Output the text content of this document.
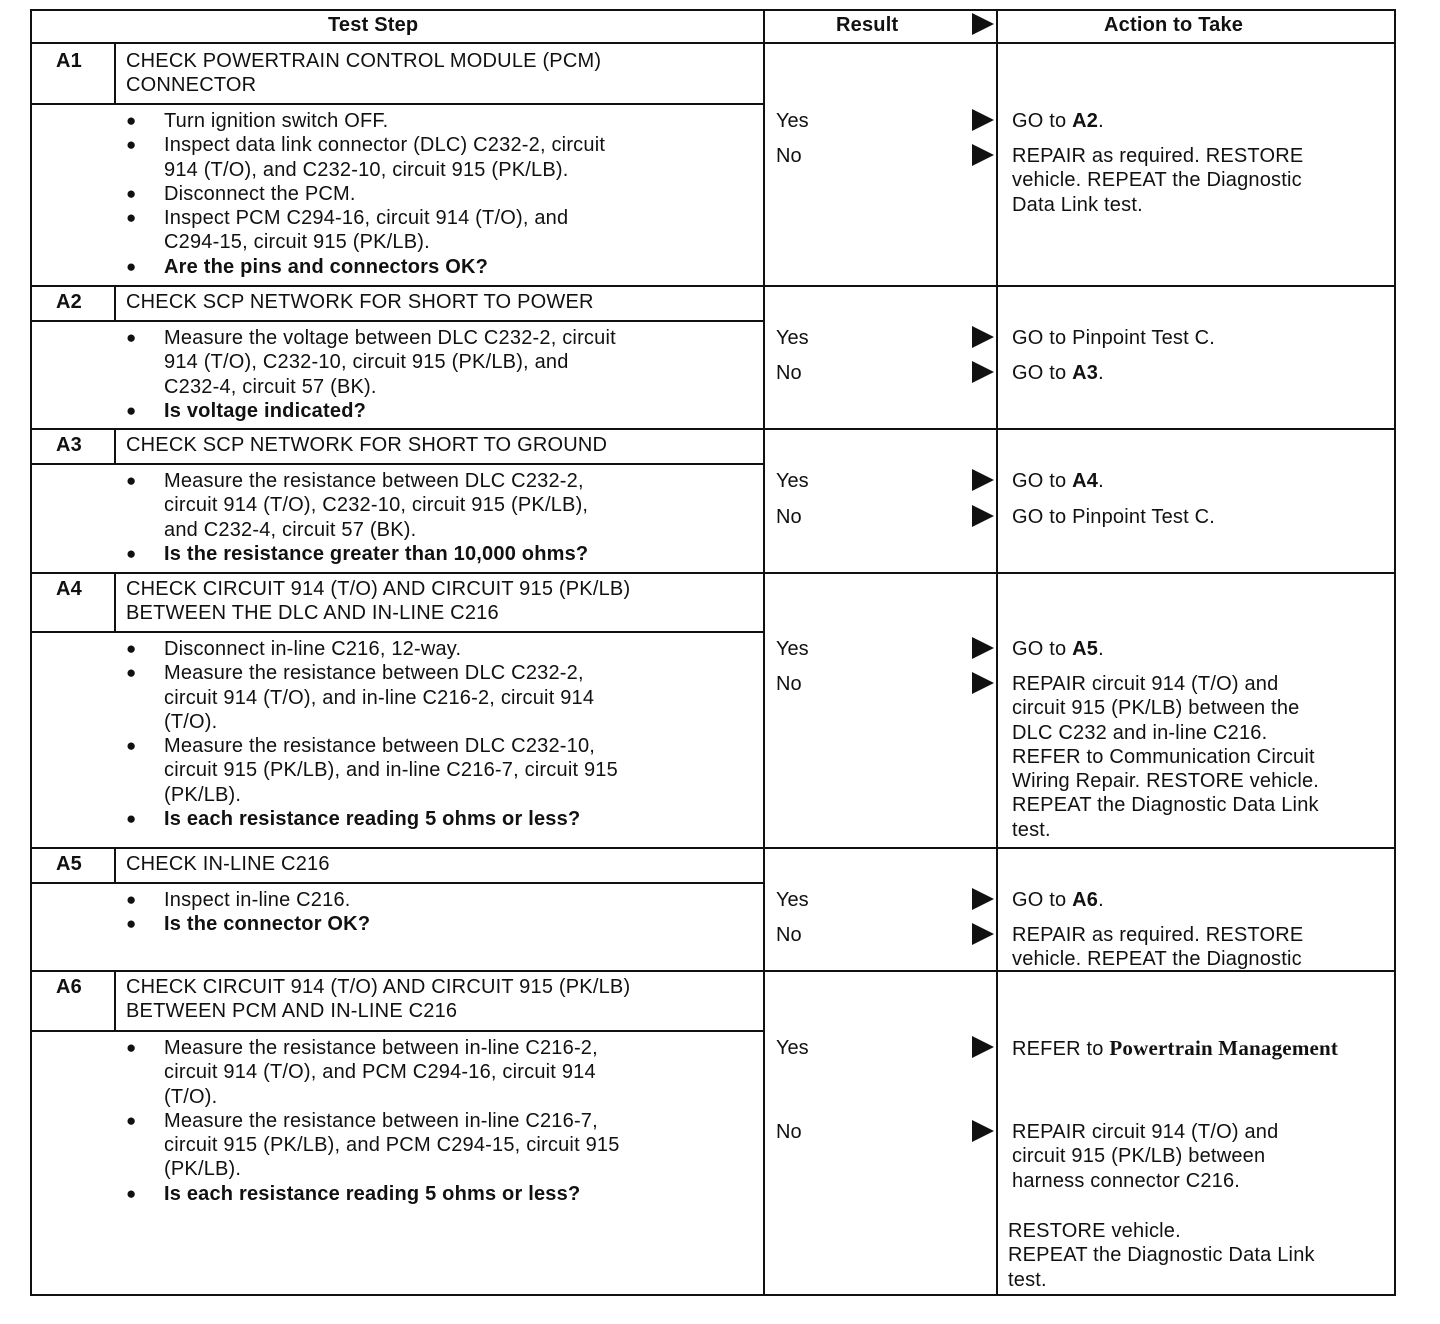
Test Step	Result	Action to Take
A1 CHECK POWERTRAIN CONTROL MODULE (PCM)
CONNECTOR
● Turn ignition switch OFF.
● Inspect data link connector (DLC) C232-2, circuit
914 (T/O), and C232-10, circuit 915 (PK/LB).
● Disconnect the PCM.
● Inspect PCM C294-16, circuit 914 (T/O), and
C294-15, circuit 915 (PK/LB).
● Are the pins and connectors OK?
Yes	GO to A2.
No	REPAIR as required. RESTORE
vehicle. REPEAT the Diagnostic
Data Link test.
A2 CHECK SCP NETWORK FOR SHORT TO POWER
● Measure the voltage between DLC C232-2, circuit
914 (T/O), C232-10, circuit 915 (PK/LB), and
C232-4, circuit 57 (BK).
● Is voltage indicated?
Yes	GO to Pinpoint Test C.
No	GO to A3.
A3 CHECK SCP NETWORK FOR SHORT TO GROUND
● Measure the resistance between DLC C232-2,
circuit 914 (T/O), C232-10, circuit 915 (PK/LB),
and C232-4, circuit 57 (BK).
● Is the resistance greater than 10,000 ohms?
Yes	GO to A4.
No	GO to Pinpoint Test C.
A4 CHECK CIRCUIT 914 (T/O) AND CIRCUIT 915 (PK/LB)
BETWEEN THE DLC AND IN-LINE C216
● Disconnect in-line C216, 12-way.
● Measure the resistance between DLC C232-2,
circuit 914 (T/O), and in-line C216-2, circuit 914
(T/O).
● Measure the resistance between DLC C232-10,
circuit 915 (PK/LB), and in-line C216-7, circuit 915
(PK/LB).
● Is each resistance reading 5 ohms or less?
Yes	GO to A5.
No	REPAIR circuit 914 (T/O) and
circuit 915 (PK/LB) between the
DLC C232 and in-line C216.
REFER to Communication Circuit
Wiring Repair. RESTORE vehicle.
REPEAT the Diagnostic Data Link
test.
A5 CHECK IN-LINE C216
● Inspect in-line C216.
● Is the connector OK?
Yes	GO to A6.
No	REPAIR as required. RESTORE
vehicle. REPEAT the Diagnostic
A6 CHECK CIRCUIT 914 (T/O) AND CIRCUIT 915 (PK/LB)
BETWEEN PCM AND IN-LINE C216
● Measure the resistance between in-line C216-2,
circuit 914 (T/O), and PCM C294-16, circuit 914
(T/O).
● Measure the resistance between in-line C216-7,
circuit 915 (PK/LB), and PCM C294-15, circuit 915
(PK/LB).
● Is each resistance reading 5 ohms or less?
Yes	REFER to Powertrain Management
No	REPAIR circuit 914 (T/O) and
circuit 915 (PK/LB) between
harness connector C216.
RESTORE vehicle.
REPEAT the Diagnostic Data Link
test.
